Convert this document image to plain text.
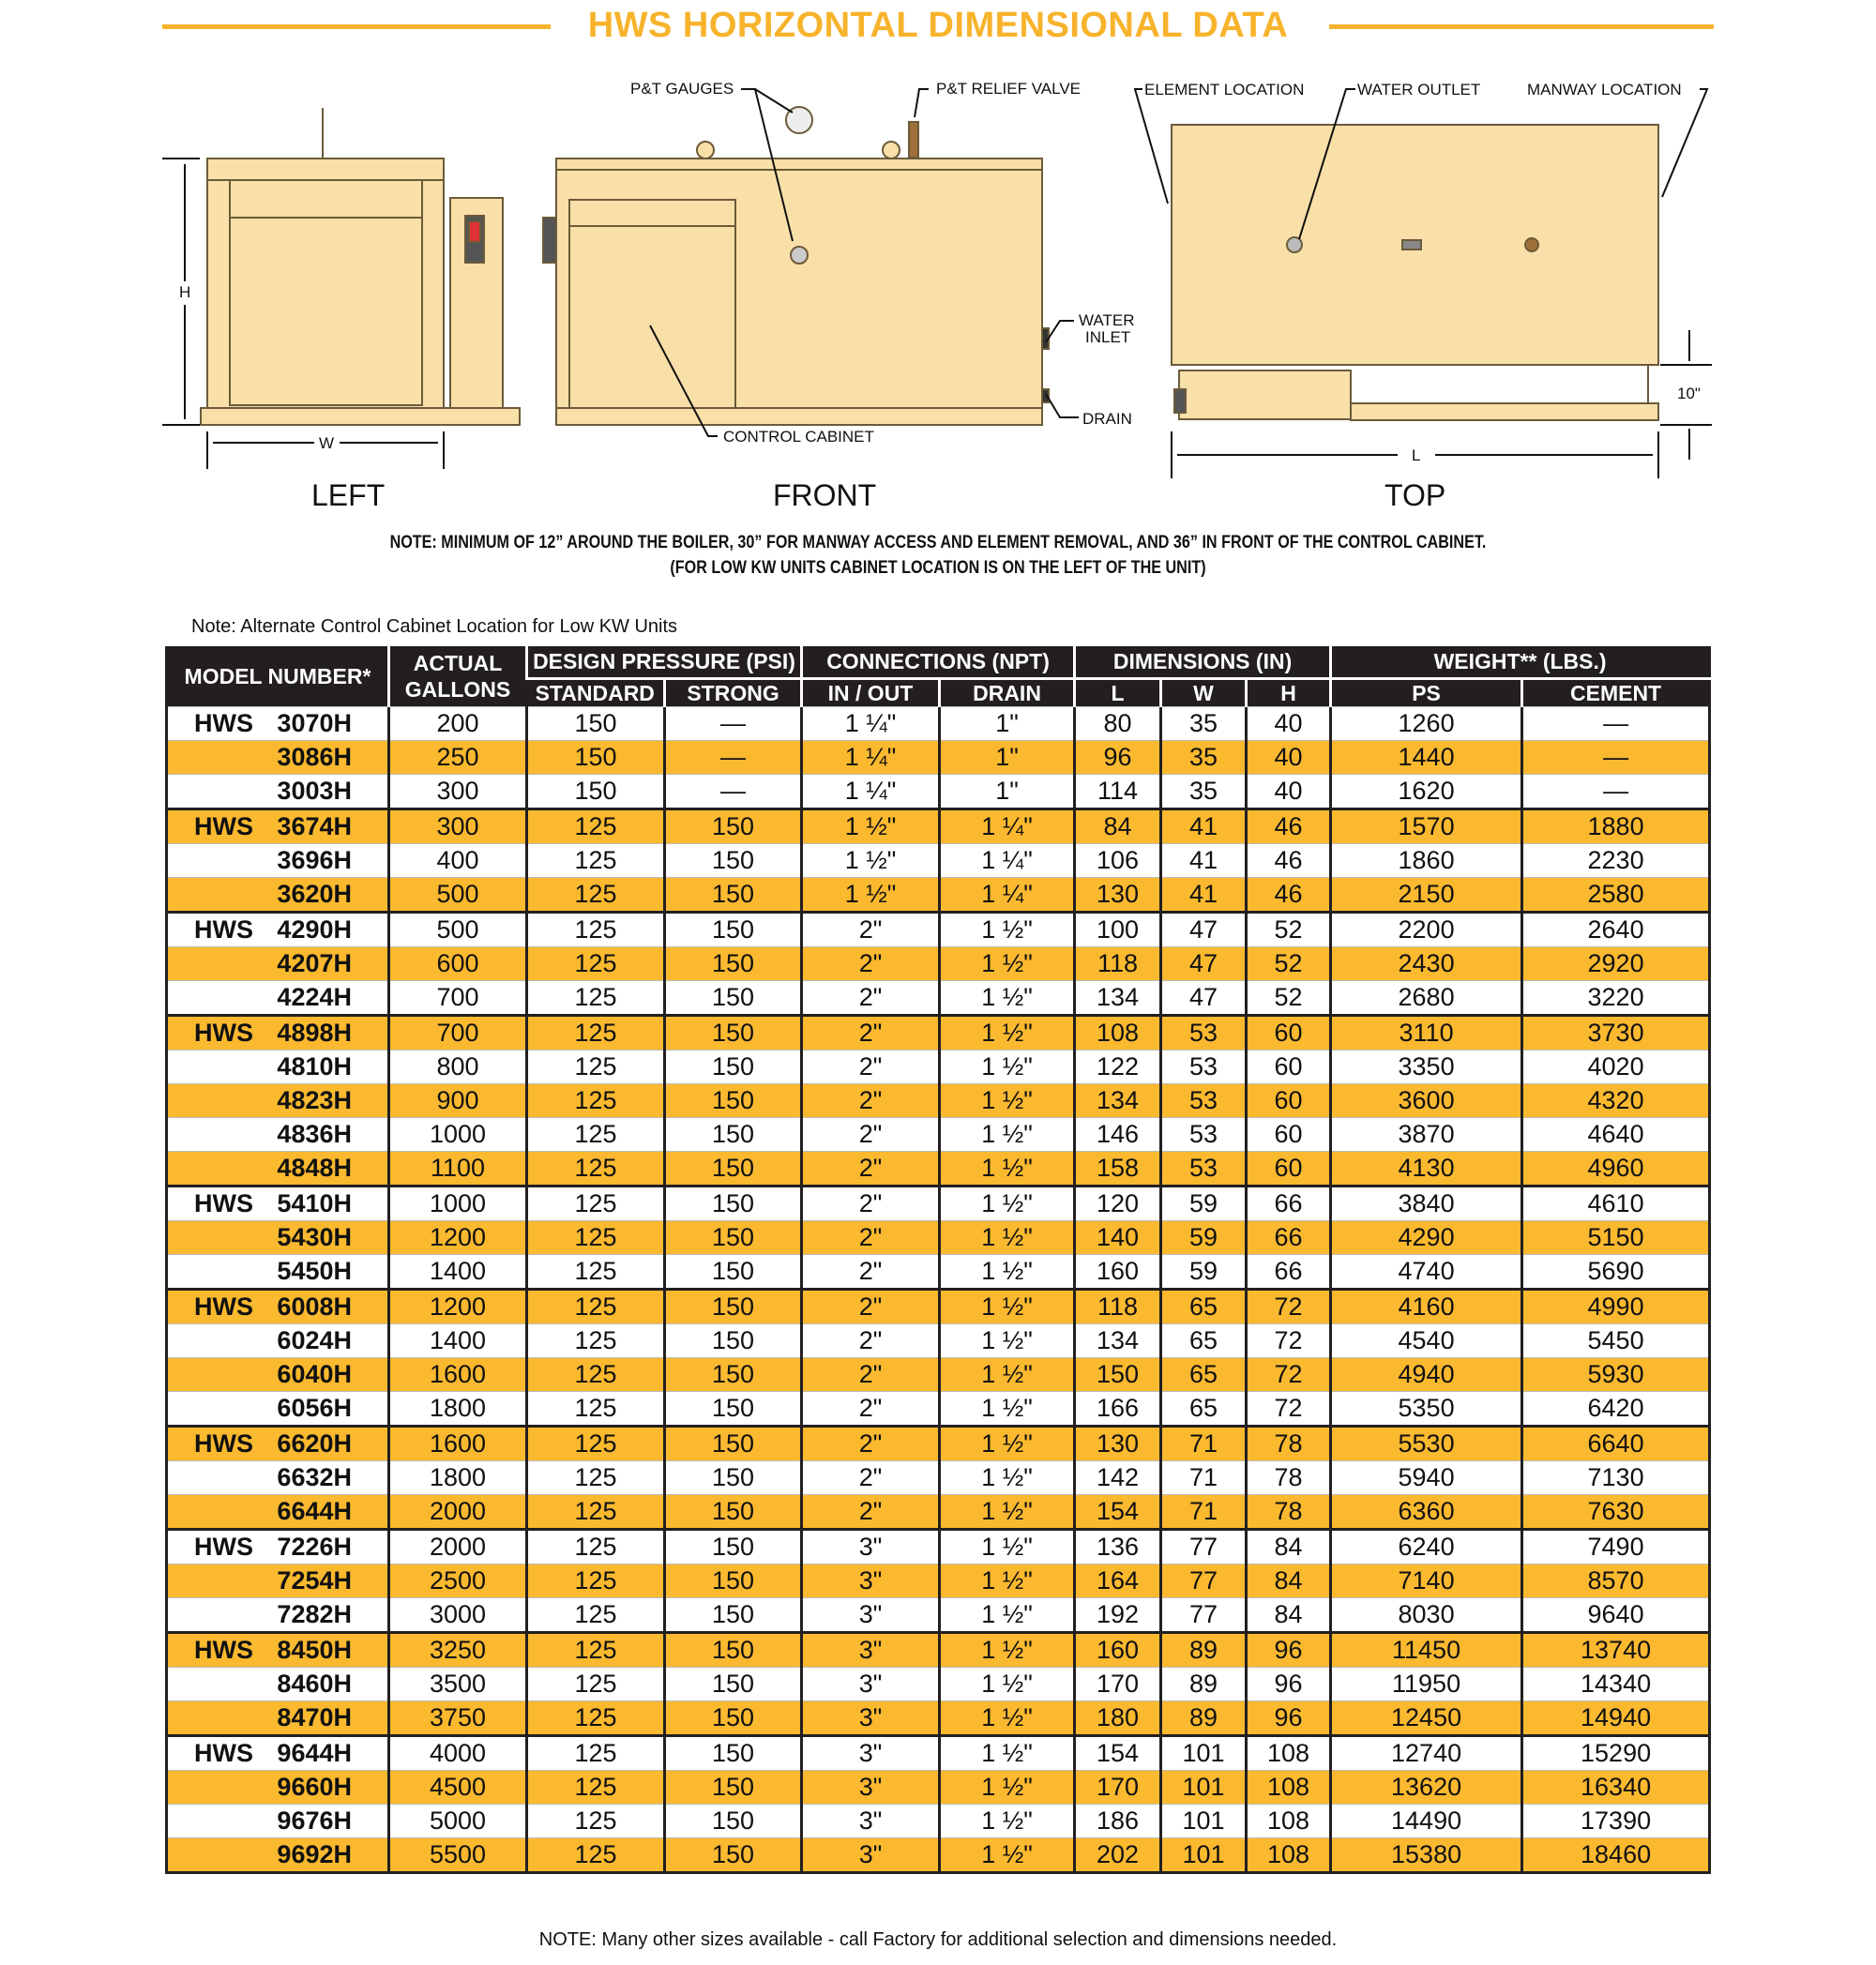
HWS HORIZONTAL DIMENSIONAL DATA
P&T GAUGES	P&T RELIEF VALVE	ELEMENT LOCATION	WATER OUTLET	MANWAY LOCATION
WATER
INLET
DRAIN
CONTROL CABINET
H
W
L
10"
LEFT	FRONT	TOP
NOTE: MINIMUM OF 12” AROUND THE BOILER, 30” FOR MANWAY ACCESS AND ELEMENT REMOVAL, AND 36” IN FRONT OF THE CONTROL CABINET.
(FOR LOW KW UNITS CABINET LOCATION IS ON THE LEFT OF THE UNIT)
Note: Alternate Control Cabinet Location for Low KW Units
MODEL NUMBER*	ACTUAL GALLONS	DESIGN PRESSURE (PSI)		CONNECTIONS (NPT)		DIMENSIONS (IN)			WEIGHT** (LBS.)	
		STANDARD	STRONG	IN / OUT	DRAIN	L	W	H	PS	CEMENT

HWS 3070H	200	150	—	1 ¼"	1"	80	35	40	1260	—
3086H	250	150	—	1 ¼"	1"	96	35	40	1440	—
3003H	300	150	—	1 ¼"	1"	114	35	40	1620	—

HWS 3674H	300	125	150	1 ½"	1 ¼"	84	41	46	1570	1880
3696H	400	125	150	1 ½"	1 ¼"	106	41	46	1860	2230
3620H	500	125	150	1 ½"	1 ¼"	130	41	46	2150	2580

HWS 4290H	500	125	150	2"	1 ½"	100	47	52	2200	2640
4207H	600	125	150	2"	1 ½"	118	47	52	2430	2920
4224H	700	125	150	2"	1 ½"	134	47	52	2680	3220

HWS 4898H	700	125	150	2"	1 ½"	108	53	60	3110	3730
4810H	800	125	150	2"	1 ½"	122	53	60	3350	4020
4823H	900	125	150	2"	1 ½"	134	53	60	3600	4320
4836H	1000	125	150	2"	1 ½"	146	53	60	3870	4640
4848H	1100	125	150	2"	1 ½"	158	53	60	4130	4960

HWS 5410H	1000	125	150	2"	1 ½"	120	59	66	3840	4610
5430H	1200	125	150	2"	1 ½"	140	59	66	4290	5150
5450H	1400	125	150	2"	1 ½"	160	59	66	4740	5690

HWS 6008H	1200	125	150	2"	1 ½"	118	65	72	4160	4990
6024H	1400	125	150	2"	1 ½"	134	65	72	4540	5450
6040H	1600	125	150	2"	1 ½"	150	65	72	4940	5930
6056H	1800	125	150	2"	1 ½"	166	65	72	5350	6420

HWS 6620H	1600	125	150	2"	1 ½"	130	71	78	5530	6640
6632H	1800	125	150	2"	1 ½"	142	71	78	5940	7130
6644H	2000	125	150	2"	1 ½"	154	71	78	6360	7630

HWS 7226H	2000	125	150	3"	1 ½"	136	77	84	6240	7490
7254H	2500	125	150	3"	1 ½"	164	77	84	7140	8570
7282H	3000	125	150	3"	1 ½"	192	77	84	8030	9640

HWS 8450H	3250	125	150	3"	1 ½"	160	89	96	11450	13740
8460H	3500	125	150	3"	1 ½"	170	89	96	11950	14340
8470H	3750	125	150	3"	1 ½"	180	89	96	12450	14940

HWS 9644H	4000	125	150	3"	1 ½"	154	101	108	12740	15290
9660H	4500	125	150	3"	1 ½"	170	101	108	13620	16340
9676H	5000	125	150	3"	1 ½"	186	101	108	14490	17390
9692H	5500	125	150	3"	1 ½"	202	101	108	15380	18460
NOTE: Many other sizes available - call Factory for additional selection and dimensions needed.
